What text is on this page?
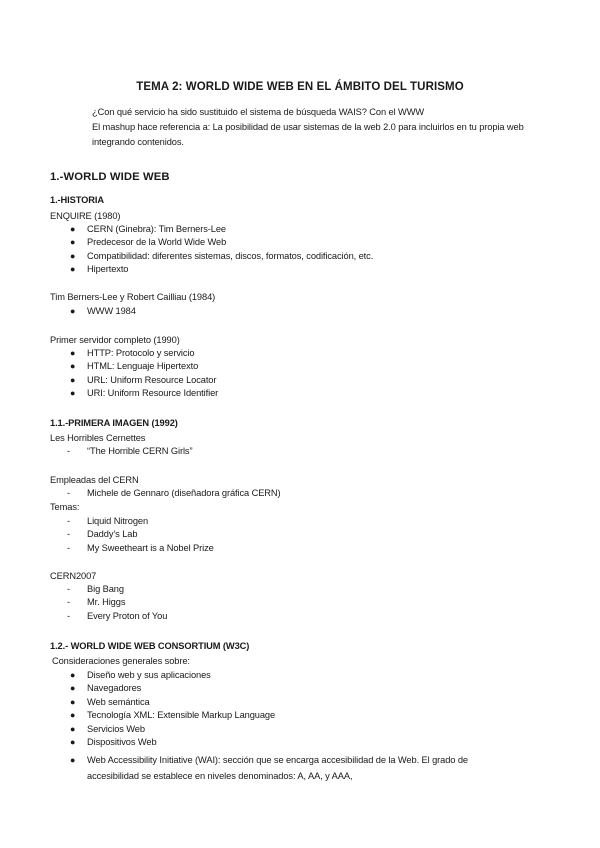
TEMA 2: WORLD WIDE WEB EN EL ÁMBITO DEL TURISMO
¿Con qué servicio ha sido sustituido el sistema de búsqueda WAIS? Con el WWW
El mashup hace referencia a: La posibilidad de usar sistemas de la web 2.0 para incluirlos en tu propia web integrando contenidos.
1.-WORLD WIDE WEB
1.-HISTORIA
ENQUIRE (1980)
● CERN (Ginebra): Tim Berners-Lee
● Predecesor de la World Wide Web
● Compatibilidad: diferentes sistemas, discos, formatos, codificación, etc.
● Hipertexto
Tim Berners-Lee y Robert Cailliau (1984)
● WWW 1984
Primer servidor completo (1990)
● HTTP: Protocolo y servicio
● HTML: Lenguaje Hipertexto
● URL: Uniform Resource Locator
● URI: Uniform Resource Identifier
1.1.-PRIMERA IMAGEN (1992)
Les Horribles Cernettes
- “The Horrible CERN Girls”
Empleadas del CERN
- Michele de Gennaro (diseñadora gráfica CERN)
Temas:
- Liquid Nitrogen
- Daddy’s Lab
- My Sweetheart is a Nobel Prize
CERN2007
- Big Bang
- Mr. Higgs
- Every Proton of You
1.2.- WORLD WIDE WEB CONSORTIUM (W3C)
Consideraciones generales sobre:
● Diseño web y sus aplicaciones
● Navegadores
● Web semántica
● Tecnología XML: Extensible Markup Language
● Servicios Web
● Dispositivos Web
● Web Accessibility Initiative (WAI): sección que se encarga accesibilidad de la Web. El grado de
accesibilidad se establece en niveles denominados: A, AA, y AAA,
